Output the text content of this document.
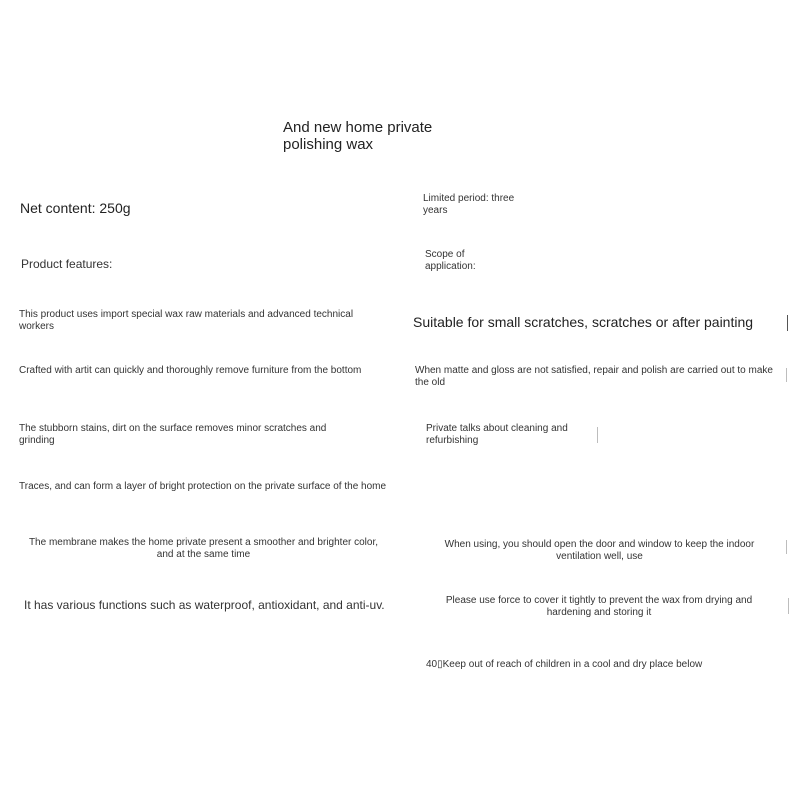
And new home private polishing wax
Net content: 250g
Product features:
This product uses import special wax raw materials and advanced technical workers
Crafted with artit can quickly and thoroughly remove furniture from the bottom
The stubborn stains, dirt on the surface removes minor scratches and grinding
Traces, and can form a layer of bright protection on the private surface of the home
The membrane makes the home private present a smoother and brighter color, and at the same time
It has various functions such as waterproof, antioxidant, and anti-uv.
Limited period: three years
Scope of application:
Suitable for small scratches, scratches or after painting
When matte and gloss are not satisfied, repair and polish are carried out to make the old
Private talks about cleaning and refurbishing
When using, you should open the door and window to keep the indoor ventilation well, use
Please use force to cover it tightly to prevent the wax from drying and hardening and storing it
40▯Keep out of reach of children in a cool and dry place below
